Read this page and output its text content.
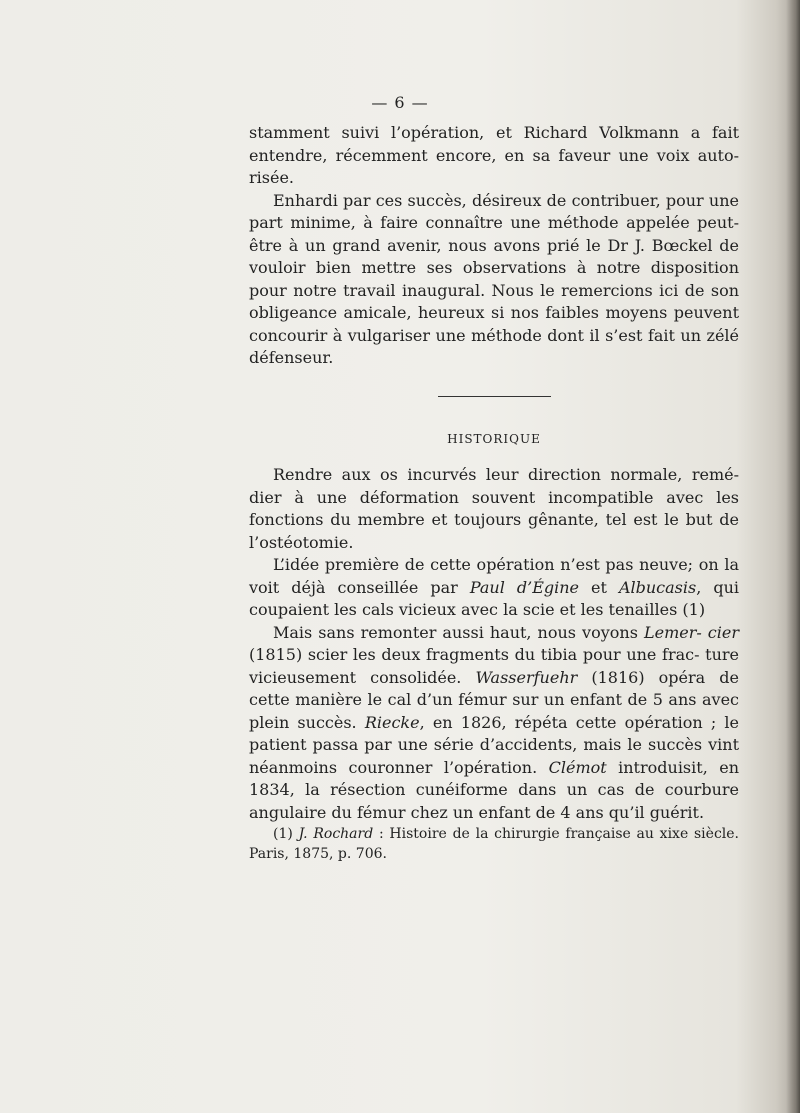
— 6 —

stamment suivi l’opération, et Richard Volkmann a fait entendre, récemment encore, en sa faveur une voix auto- risée.

Enhardi par ces succès, désireux de contribuer, pour une part minime, à faire connaître une méthode appelée peut-être à un grand avenir, nous avons prié le Dr J. Bœckel de vouloir bien mettre ses observations à notre disposition pour notre travail inaugural. Nous le remercions ici de son obligeance amicale, heureux si nos faibles moyens peuvent concourir à vulgariser une méthode dont il s’est fait un zélé défenseur.

HISTORIQUE

Rendre aux os incurvés leur direction normale, remé- dier à une déformation souvent incompatible avec les fonctions du membre et toujours gênante, tel est le but de l’ostéotomie.

L’idée première de cette opération n’est pas neuve; on la voit déjà conseillée par Paul d’Égine et Albucasis, qui coupaient les cals vicieux avec la scie et les tenailles (1)

Mais sans remonter aussi haut, nous voyons Lemer- cier (1815) scier les deux fragments du tibia pour une frac- ture vicieusement consolidée. Wasserfuehr (1816) opéra de cette manière le cal d’un fémur sur un enfant de 5 ans avec plein succès. Riecke, en 1826, répéta cette opération ; le patient passa par une série d’accidents, mais le succès vint néanmoins couronner l’opération. Clémot introduisit, en 1834, la résection cunéiforme dans un cas de courbure angulaire du fémur chez un enfant de 4 ans qu’il guérit.

(1) J. Rochard : Histoire de la chirurgie française au xixe siècle. Paris, 1875, p. 706.
